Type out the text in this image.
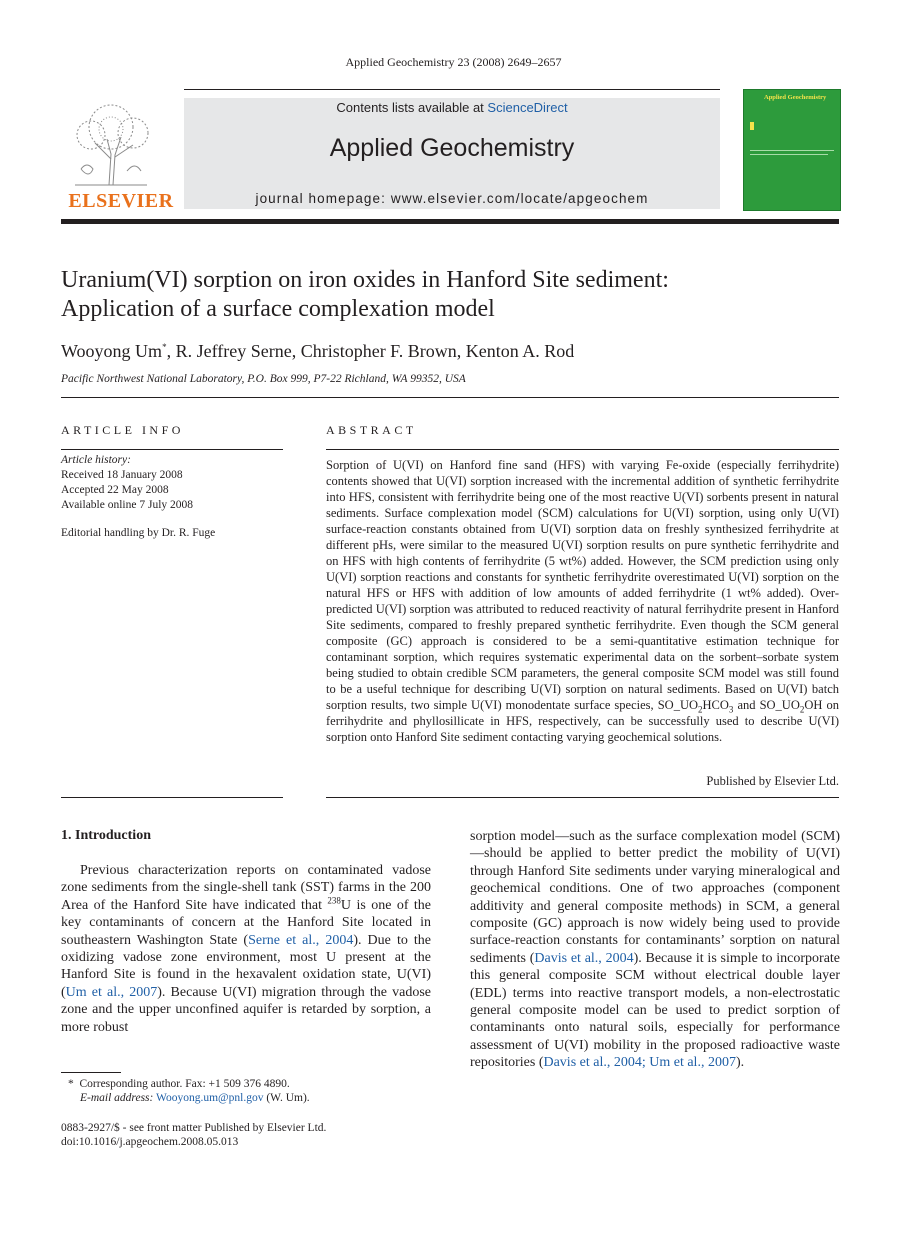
Applied Geochemistry 23 (2008) 2649–2657
ELSEVIER
Contents lists available at ScienceDirect
Applied Geochemistry
journal homepage: www.elsevier.com/locate/apgeochem
Applied Geochemistry
Uranium(VI) sorption on iron oxides in Hanford Site sediment:
Application of a surface complexation model
Wooyong Um*, R. Jeffrey Serne, Christopher F. Brown, Kenton A. Rod
Pacific Northwest National Laboratory, P.O. Box 999, P7-22 Richland, WA 99352, USA
ARTICLE INFO
Article history:
Received 18 January 2008
Accepted 22 May 2008
Available online 7 July 2008
Editorial handling by Dr. R. Fuge
ABSTRACT
Sorption of U(VI) on Hanford fine sand (HFS) with varying Fe-oxide (especially ferrihydrite) contents showed that U(VI) sorption increased with the incremental addition of synthetic ferrihydrite into HFS, consistent with ferrihydrite being one of the most reactive U(VI) sorbents present in natural sediments. Surface complexation model (SCM) calculations for U(VI) sorption, using only U(VI) surface-reaction constants obtained from U(VI) sorption data on freshly synthesized ferrihydrite at different pHs, were similar to the measured U(VI) sorption results on pure synthetic ferrihydrite and on HFS with high contents of ferrihydrite (5 wt%) added. However, the SCM prediction using only U(VI) sorption reactions and constants for synthetic ferrihydrite overestimated U(VI) sorption on the natural HFS or HFS with addition of low amounts of added ferrihydrite (1 wt% added). Over-predicted U(VI) sorption was attributed to reduced reactivity of natural ferrihydrite present in Hanford Site sediments, compared to freshly prepared synthetic ferrihydrite. Even though the SCM general composite (GC) approach is considered to be a semi-quantitative estimation technique for contaminant sorption, which requires systematic experimental data on the sorbent–sorbate system being studied to obtain credible SCM parameters, the general composite SCM model was still found to be a useful technique for describing U(VI) sorption on natural sediments. Based on U(VI) batch sorption results, two simple U(VI) monodentate surface species, $SO\_UO_2HCO_3$ and $SO\_UO_2OH$ on ferrihydrite and phyllosillicate in HFS, respectively, can be successfully used to describe U(VI) sorption onto Hanford Site sediment contacting varying geochemical solutions.
Published by Elsevier Ltd.
1. Introduction
Previous characterization reports on contaminated vadose zone sediments from the single-shell tank (SST) farms in the 200 Area of the Hanford Site have indicated that $^{238}$U is one of the key contaminants of concern at the Hanford Site located in southeastern Washington State (Serne et al., 2004). Due to the oxidizing vadose zone environment, most U present at the Hanford Site is found in the hexavalent oxidation state, U(VI) (Um et al., 2007). Because U(VI) migration through the vadose zone and the upper unconfined aquifer is retarded by sorption, a more robust
sorption model—such as the surface complexation model (SCM)—should be applied to better predict the mobility of U(VI) through Hanford Site sediments under varying mineralogical and geochemical conditions. One of two approaches (component additivity and general composite methods) in SCM, a general composite (GC) approach is now widely being used to provide surface-reaction constants for contaminants’ sorption on natural sediments (Davis et al., 2004). Because it is simple to incorporate this general composite SCM without electrical double layer (EDL) terms into reactive transport models, a non-electrostatic general composite model can be used to predict sorption of contaminants onto natural soils, especially for performance assessment of U(VI) mobility in the proposed radioactive waste repositories (Davis et al., 2004; Um et al., 2007).
* Corresponding author. Fax: +1 509 376 4890.
E-mail address: Wooyong.um@pnl.gov (W. Um).
0883-2927/$ - see front matter Published by Elsevier Ltd.
doi:10.1016/j.apgeochem.2008.05.013
